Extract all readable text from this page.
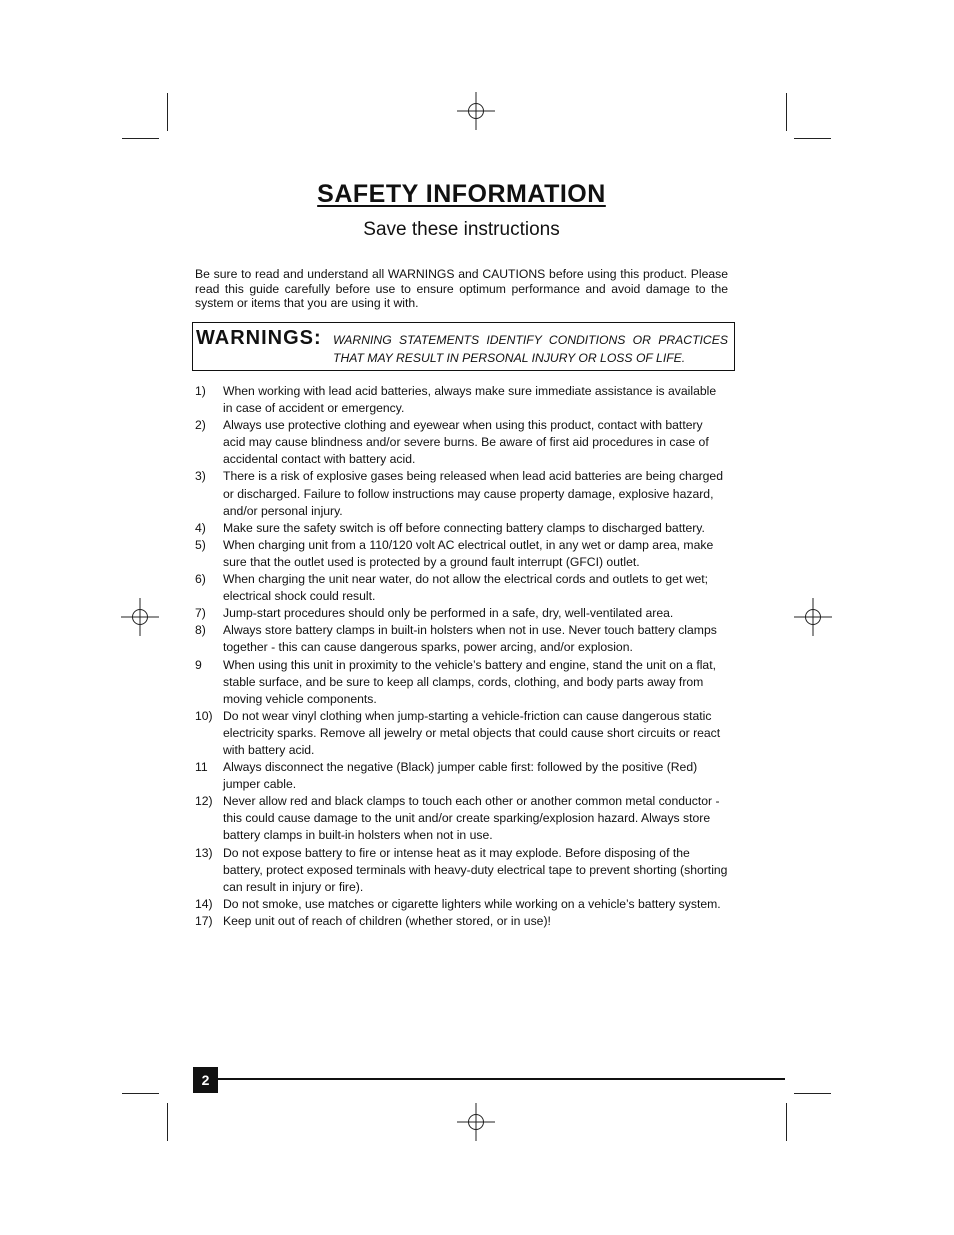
SAFETY INFORMATION
Save these instructions
Be sure to read and understand all WARNINGS and CAUTIONS before using this product. Please read this guide carefully before use to ensure optimum performance and avoid damage to the system or items that you are using it with.
WARNINGS: WARNING STATEMENTS IDENTIFY CONDITIONS OR PRACTICES THAT MAY RESULT IN PERSONAL INJURY OR LOSS OF LIFE.
1)	When working with lead acid batteries, always make sure immediate assistance is available in case of accident or emergency.
2)	Always use protective clothing and eyewear when using this product, contact with battery acid may cause blindness and/or severe burns. Be aware of first aid procedures in case of accidental contact with battery acid.
3)	There is a risk of explosive gases being released when lead acid batteries are being charged or discharged. Failure to follow instructions may cause property damage, explosive hazard, and/or personal injury.
4)	Make sure the safety switch is off before connecting battery clamps to discharged battery.
5)	When charging unit from a 110/120 volt AC electrical outlet, in any wet or damp area, make sure that the outlet used is protected by a ground fault interrupt (GFCI) outlet.
6)	When charging the unit near water, do not allow the electrical cords and outlets to get wet; electrical shock could result.
7)	Jump-start procedures should only be performed in a safe, dry, well-ventilated area.
8)	Always store battery clamps in built-in holsters when not in use. Never touch battery clamps together - this can cause dangerous sparks, power arcing, and/or explosion.
9	When using this unit in proximity to the vehicle’s battery and engine, stand the unit on a flat, stable surface, and be sure to keep all clamps, cords, clothing, and body parts away from moving vehicle components.
10) Do not wear vinyl clothing when jump-starting a vehicle-friction can cause dangerous static electricity sparks. Remove all jewelry or metal objects that could cause short circuits or react with battery acid.
11	Always disconnect the negative (Black) jumper cable first: followed by the positive (Red) jumper cable.
12) Never allow red and black clamps to touch each other or another common metal conductor - this could cause damage to the unit and/or create sparking/explosion hazard. Always store battery clamps in built-in holsters when not in use.
13) Do not expose battery to fire or intense heat as it may explode. Before disposing of the battery, protect exposed terminals with heavy-duty electrical tape to prevent shorting (shorting can result in injury or fire).
14) Do not smoke, use matches or cigarette lighters while working on a vehicle’s battery system.
17) Keep unit out of reach of children (whether stored, or in use)!
2
